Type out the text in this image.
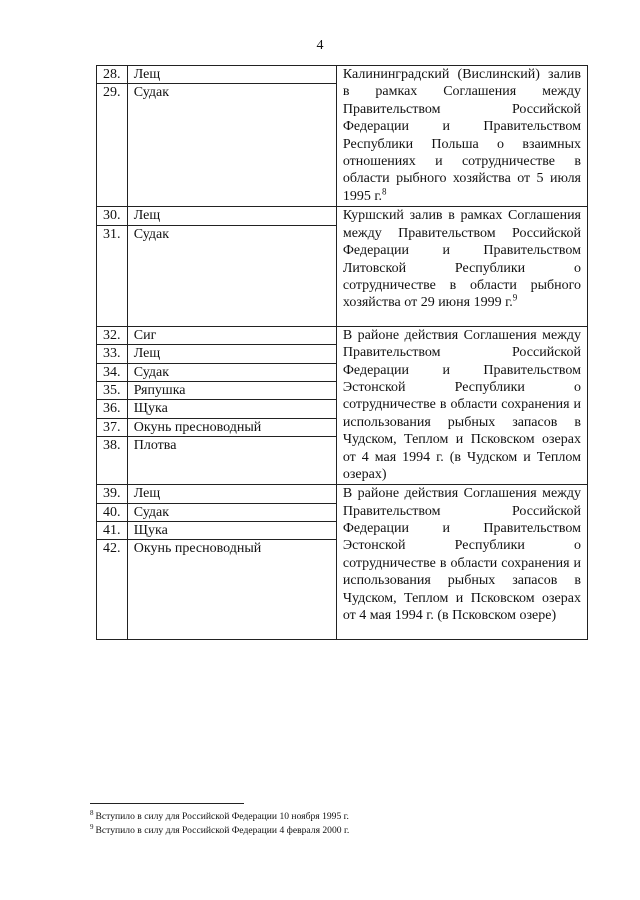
4
28.	Лещ	Калининградский (Вислинский) залив в рамках Соглашения между Правительством Российской Федерации и Правительством Республики Польша о взаимных отношениях и сотрудничестве в области рыбного хозяйства от 5 июля 1995 г.$^8$
29.	Судак	
30.	Лещ	Куршский залив в рамках Соглашения между Правительством Российской Федерации и Правительством Литовской Республики о сотрудничестве в области рыбного хозяйства от 29 июня 1999 г.$^9$
31.	Судак	
32.	Сиг	В районе действия Соглашения между Правительством Российской Федерации и Правительством Эстонской Республики о сотрудничестве в области сохранения и использования рыбных запасов в Чудском, Теплом и Псковском озерах от 4 мая 1994 г. (в Чудском и Теплом озерах)
33.	Лещ	
34.	Судак	
35.	Ряпушка	
36.	Щука	
37.	Окунь пресноводный	
38.	Плотва	
39.	Лещ	В районе действия Соглашения между Правительством Российской Федерации и Правительством Эстонской Республики о сотрудничестве в области сохранения и использования рыбных запасов в Чудском, Теплом и Псковском озерах от 4 мая 1994 г. (в Псковском озере)
40.	Судак	
41.	Щука	
42.	Окунь пресноводный	
$^8$ Вступило в силу для Российской Федерации 10 ноября 1995 г.
$^9$ Вступило в силу для Российской Федерации 4 февраля 2000 г.
